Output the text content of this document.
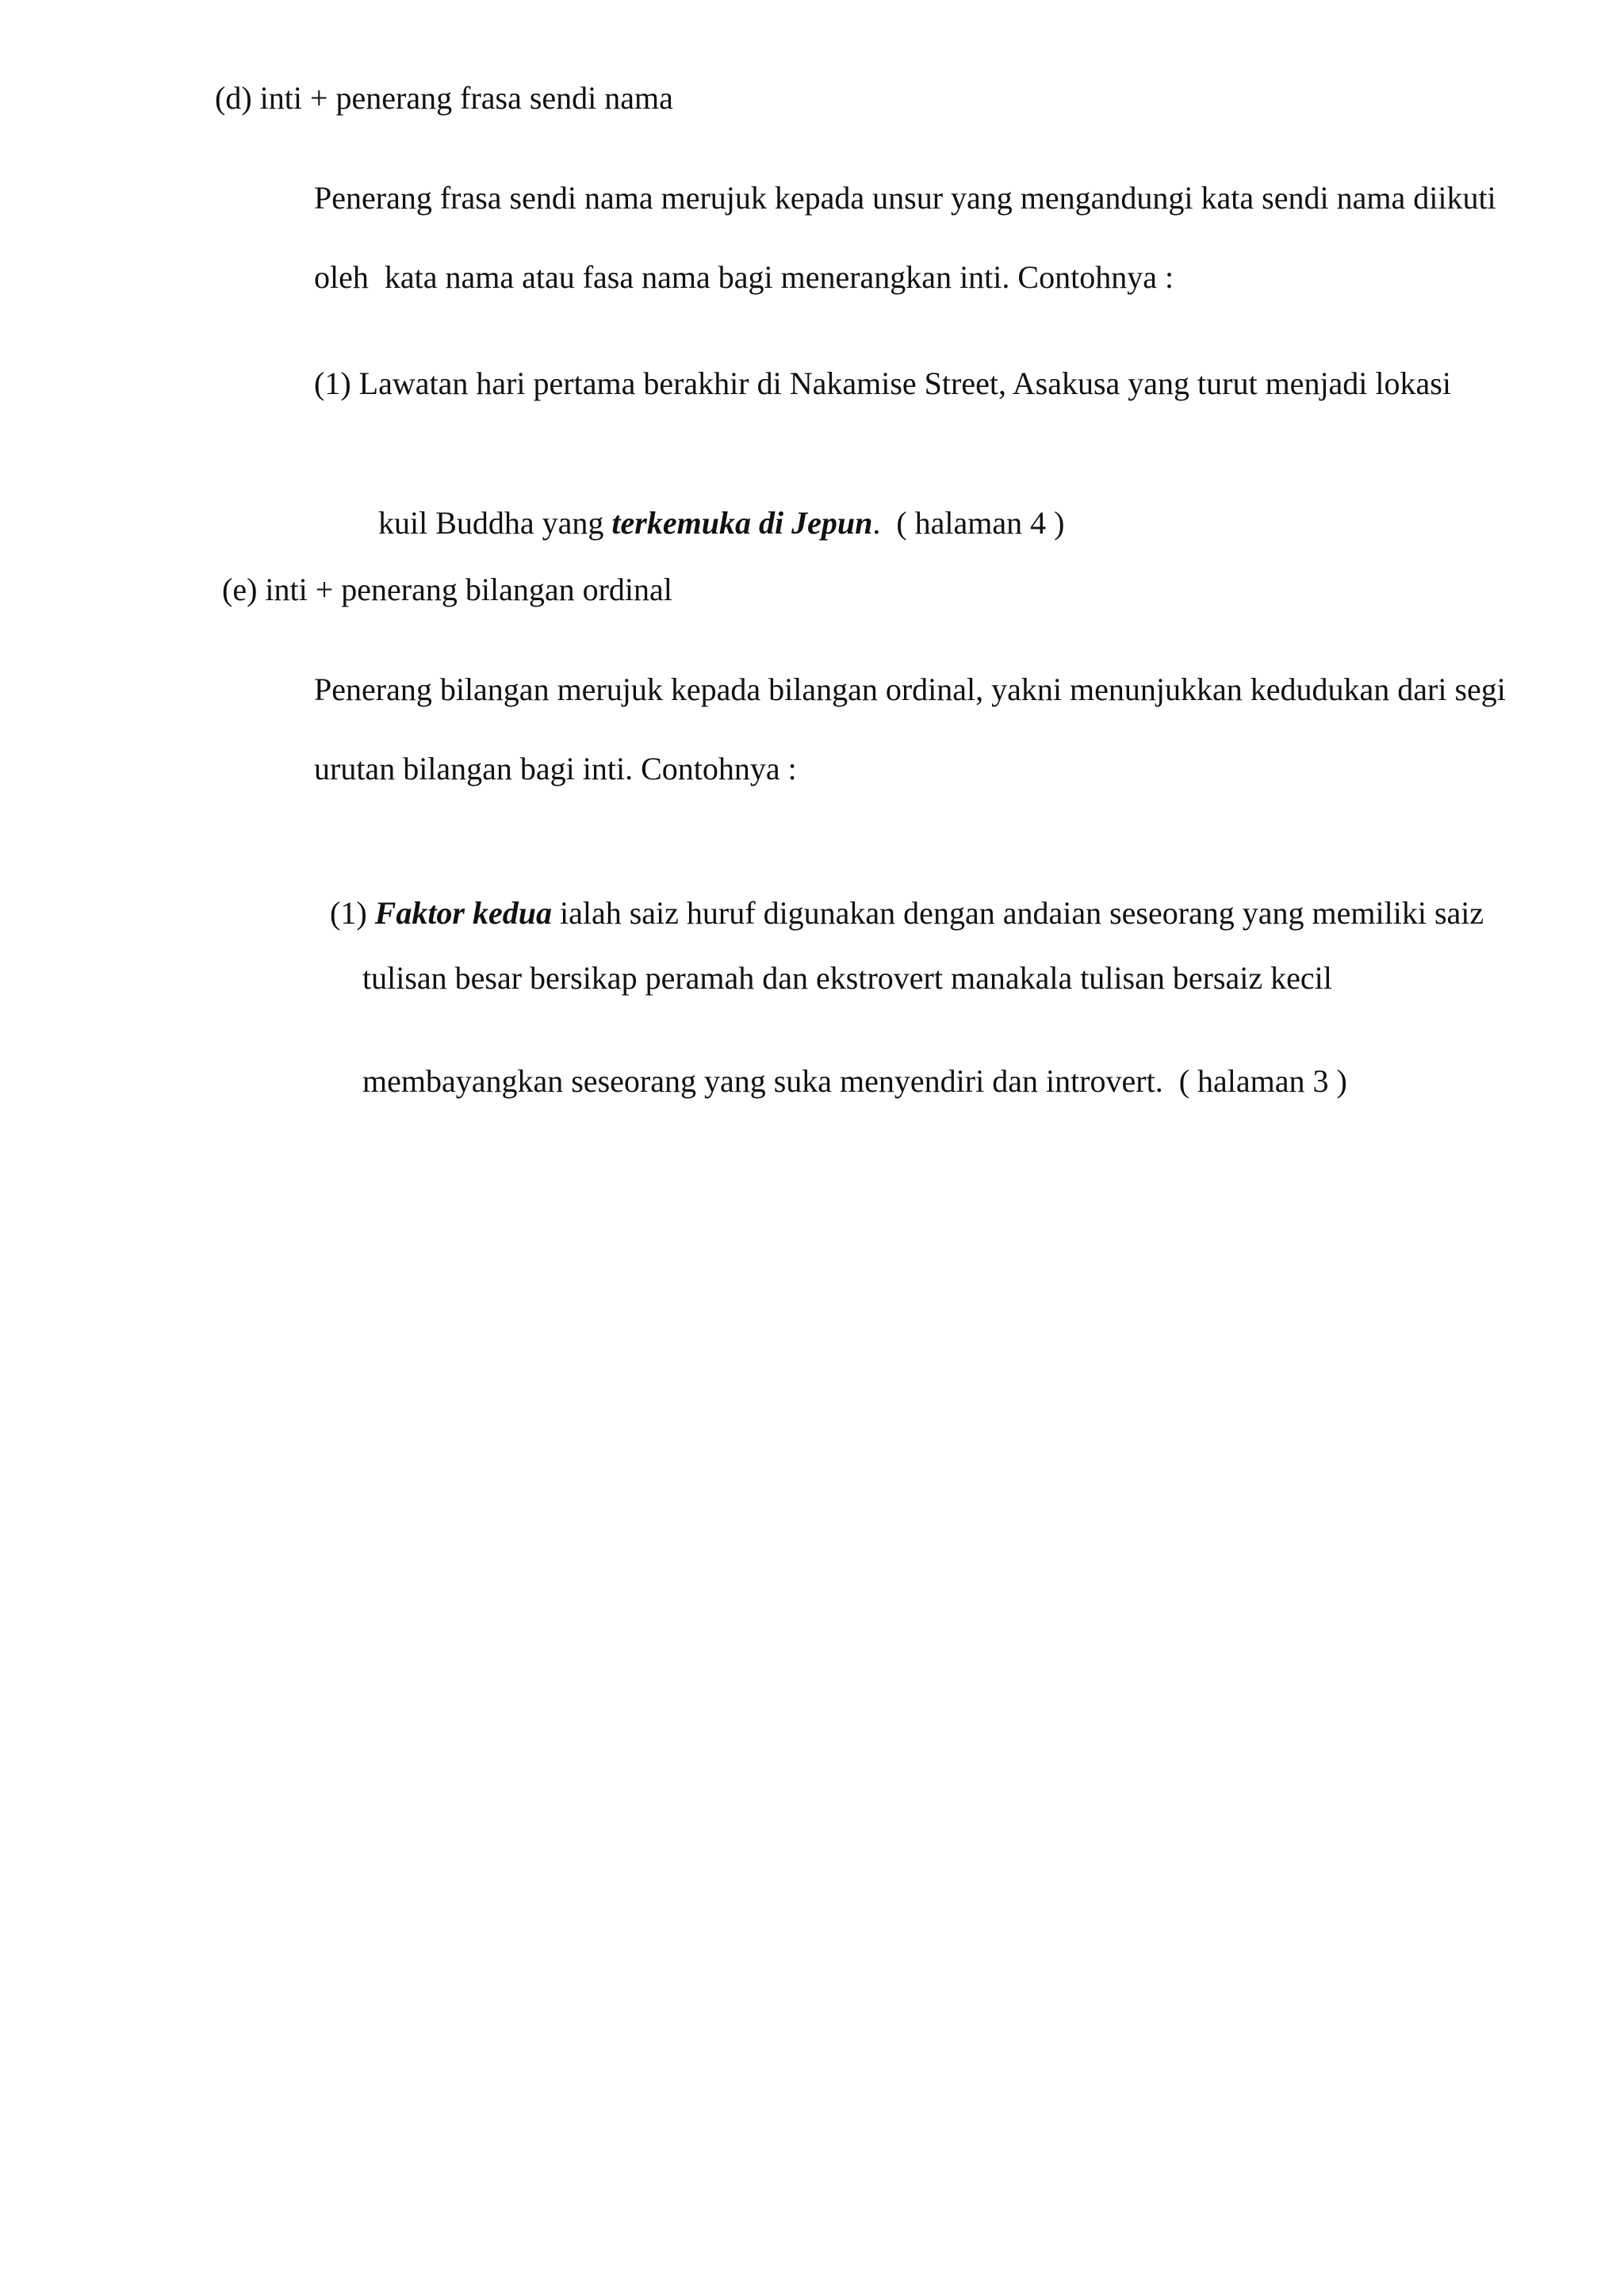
(d) inti + penerang frasa sendi nama
Penerang frasa sendi nama merujuk kepada unsur yang mengandungi kata sendi nama diikuti
oleh  kata nama atau fasa nama bagi menerangkan inti. Contohnya :
(1) Lawatan hari pertama berakhir di Nakamise Street, Asakusa yang turut menjadi lokasi

kuil Buddha yang terkemuka di Jepun.  ( halaman 4 )

(e) inti + penerang bilangan ordinal
Penerang bilangan merujuk kepada bilangan ordinal, yakni menunjukkan kedudukan dari segi
urutan bilangan bagi inti. Contohnya :

(1) Faktor kedua ialah saiz huruf digunakan dengan andaian seseorang yang memiliki saiz

tulisan besar bersikap peramah dan ekstrovert manakala tulisan bersaiz kecil
membayangkan seseorang yang suka menyendiri dan introvert.  ( halaman 3 )
